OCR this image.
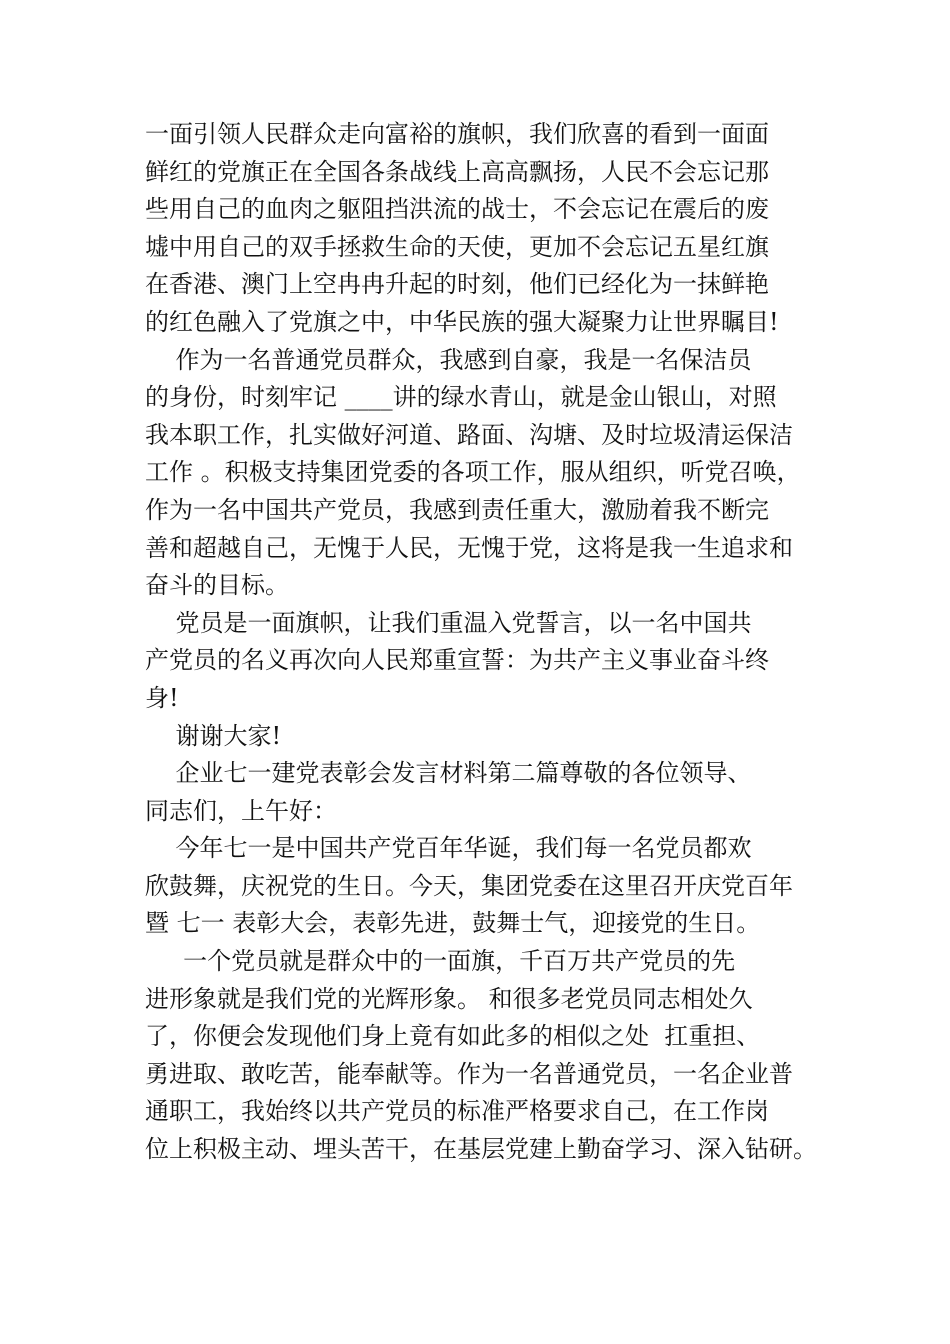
一面引领人民群众走向富裕的旗帜，我们欣喜的看到一面面
鲜红的党旗正在全国各条战线上高高飘扬，人民不会忘记那
些用自己的血肉之躯阻挡洪流的战士，不会忘记在震后的废
墟中用自己的双手拯救生命的天使，更加不会忘记五星红旗
在香港、澳门上空冉冉升起的时刻，他们已经化为一抹鲜艳
的红色融入了党旗之中，中华民族的强大凝聚力让世界瞩目!
作为一名普通党员群众，我感到自豪，我是一名保洁员
的身份，时刻牢记 ____讲的绿水青山，就是金山银山，对照
我本职工作，扎实做好河道、路面、沟塘、及时垃圾清运保洁
工作 。积极支持集团党委的各项工作，服从组织，听党召唤，
作为一名中国共产党员，我感到责任重大，激励着我不断完
善和超越自己，无愧于人民，无愧于党，这将是我一生追求和
奋斗的目标。
党员是一面旗帜，让我们重温入党誓言，以一名中国共
产党员的名义再次向人民郑重宣誓：为共产主义事业奋斗终
身!
谢谢大家!
企业七一建党表彰会发言材料第二篇尊敬的各位领导、
同志们，上午好：
今年七一是中国共产党百年华诞，我们每一名党员都欢
欣鼓舞，庆祝党的生日。今天，集团党委在这里召开庆党百年
暨 七一 表彰大会，表彰先进，鼓舞士气，迎接党的生日。
一个党员就是群众中的一面旗，千百万共产党员的先
进形象就是我们党的光辉形象。 和很多老党员同志相处久
了，你便会发现他们身上竟有如此多的相似之处  扛重担、
勇进取、敢吃苦，能奉献等。作为一名普通党员，一名企业普
通职工，我始终以共产党员的标准严格要求自己，在工作岗
位上积极主动、埋头苦干，在基层党建上勤奋学习、深入钻研。
